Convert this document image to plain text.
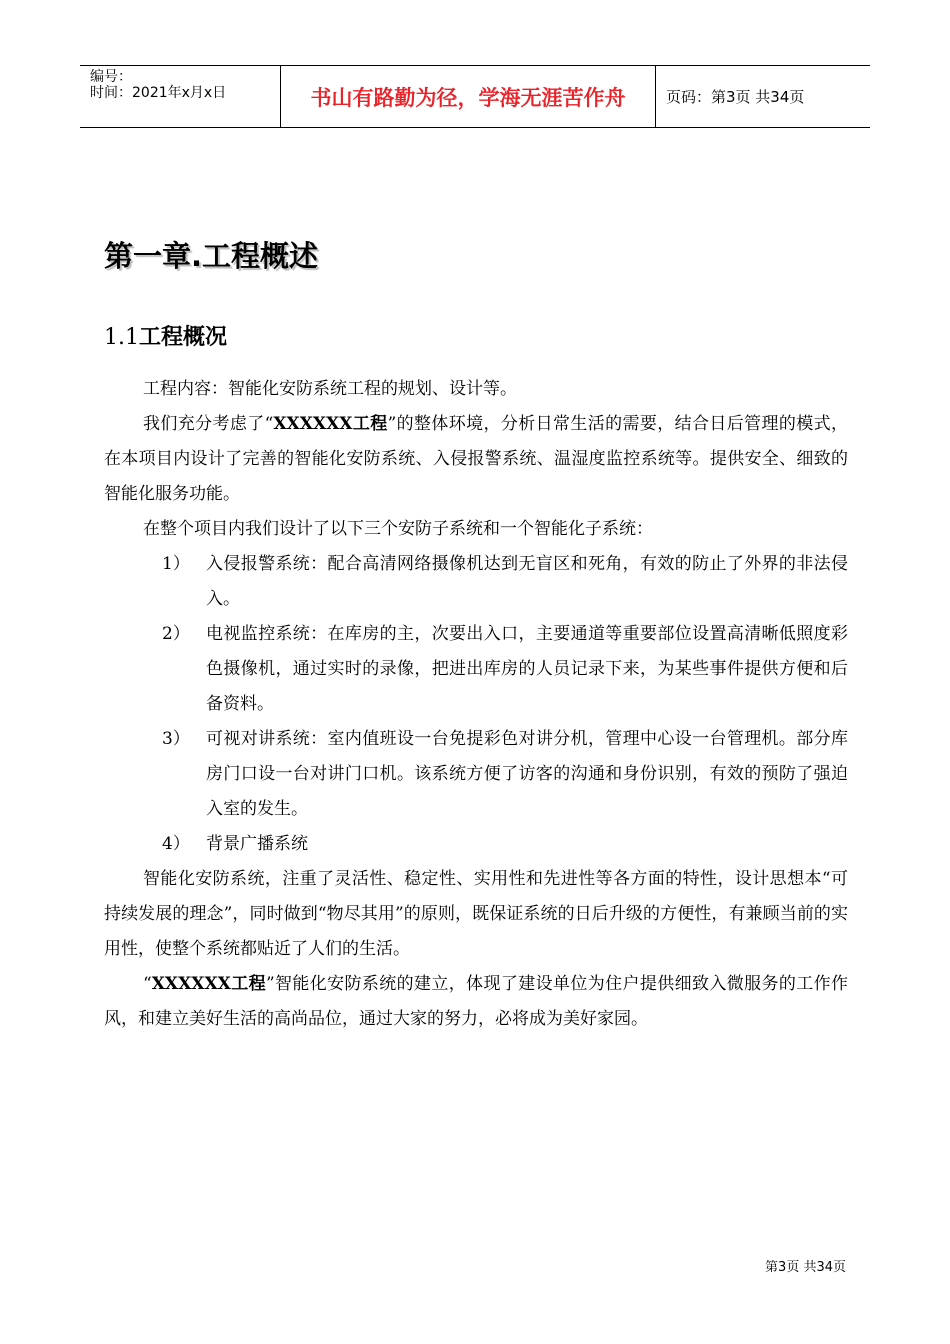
编号：
时间：2021年x月x日	书山有路勤为径，学海无涯苦作舟	页码：第3页 共34页
第一章.工程概述
1.1工程概况

工程内容：智能化安防系统工程的规划、设计等。

我们充分考虑了“XXXXXX工程”的整体环境，分析日常生活的需要，结合日后管理的模式，在本项目内设计了完善的智能化安防系统、入侵报警系统、温湿度监控系统等。提供安全、细致的智能化服务功能。

在整个项目内我们设计了以下三个安防子系统和一个智能化子系统：

1） 入侵报警系统：配合高清网络摄像机达到无盲区和死角，有效的防止了外界的非法侵入。
2） 电视监控系统：在库房的主，次要出入口，主要通道等重要部位设置高清晰低照度彩色摄像机，通过实时的录像，把进出库房的人员记录下来，为某些事件提供方便和后备资料。
3） 可视对讲系统：室内值班设一台免提彩色对讲分机，管理中心设一台管理机。部分库房门口设一台对讲门口机。该系统方便了访客的沟通和身份识别，有效的预防了强迫入室的发生。
4） 背景广播系统

智能化安防系统，注重了灵活性、稳定性、实用性和先进性等各方面的特性，设计思想本“可持续发展的理念”，同时做到“物尽其用”的原则，既保证系统的日后升级的方便性，有兼顾当前的实用性，使整个系统都贴近了人们的生活。

“XXXXXX工程”智能化安防系统的建立，体现了建设单位为住户提供细致入微服务的工作作风，和建立美好生活的高尚品位，通过大家的努力，必将成为美好家园。

第3页 共34页
